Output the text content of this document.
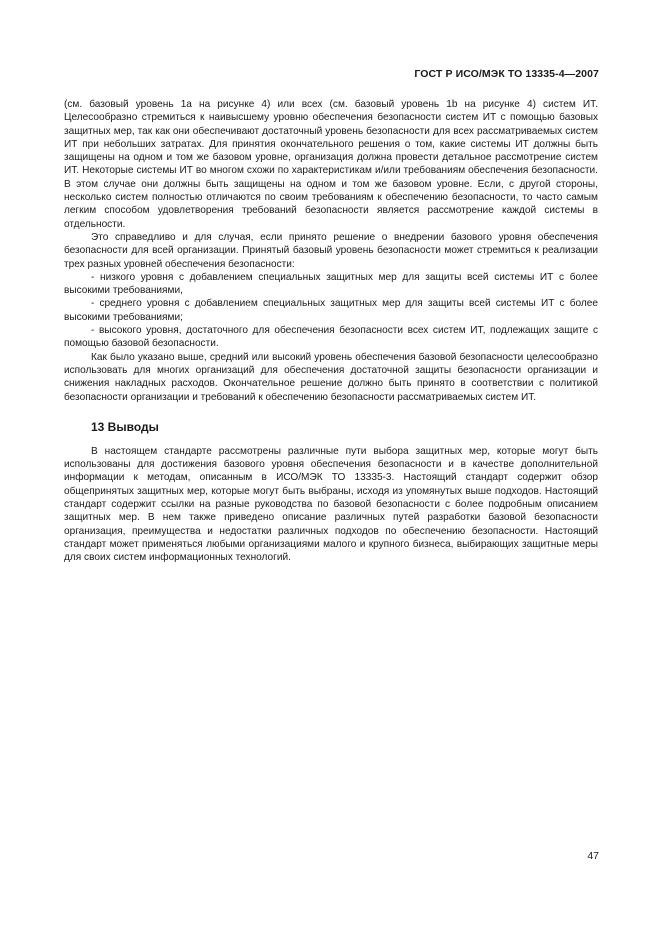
ГОСТ Р ИСО/МЭК ТО 13335-4—2007

(см. базовый уровень 1а на рисунке 4) или всех (см. базовый уровень 1b на рисунке 4) систем ИТ. Целесообразно стремиться к наивысшему уровню обеспечения безопасности систем ИТ с помощью базовых защитных мер, так как они обеспечивают достаточный уровень безопасности для всех рассматриваемых систем ИТ при небольших затратах. Для принятия окончательного решения о том, какие системы ИТ должны быть защищены на одном и том же базовом уровне, организация должна провести детальное рассмотрение систем ИТ. Некоторые системы ИТ во многом схожи по характеристикам и/или требованиям обеспечения безопасности. В этом случае они должны быть защищены на одном и том же базовом уровне. Если, с другой стороны, несколько систем полностью отличаются по своим требованиям к обеспечению безопасности, то часто самым легким способом удовлетворения требований безопасности является рассмотрение каждой системы в отдельности.

Это справедливо и для случая, если принято решение о внедрении базового уровня обеспечения безопасности для всей организации. Принятый базовый уровень безопасности может стремиться к реализации трех разных уровней обеспечения безопасности:

- низкого уровня с добавлением специальных защитных мер для защиты всей системы ИТ с более высокими требованиями,

- среднего уровня с добавлением специальных защитных мер для защиты всей системы ИТ с более высокими требованиями;

- высокого уровня, достаточного для обеспечения безопасности всех систем ИТ, подлежащих защите с помощью базовой безопасности.

Как было указано выше, средний или высокий уровень обеспечения базовой безопасности целесообразно использовать для многих организаций для обеспечения достаточной защиты безопасности организации и снижения накладных расходов. Окончательное решение должно быть принято в соответствии с политикой безопасности организации и требований к обеспечению безопасности рассматриваемых систем ИТ.

13 Выводы

В настоящем стандарте рассмотрены различные пути выбора защитных мер, которые могут быть использованы для достижения базового уровня обеспечения безопасности и в качестве дополнительной информации к методам, описанным в ИСО/МЭК ТО 13335-3. Настоящий стандарт содержит обзор общепринятых защитных мер, которые могут быть выбраны, исходя из упомянутых выше подходов. Настоящий стандарт содержит ссылки на разные руководства по базовой безопасности с более подробным описанием защитных мер. В нем также приведено описание различных путей разработки базовой безопасности организация, преимущества и недостатки различных подходов по обеспечению безопасности. Настоящий стандарт может применяться любыми организациями малого и крупного бизнеса, выбирающих защитные меры для своих систем информационных технологий.

47
